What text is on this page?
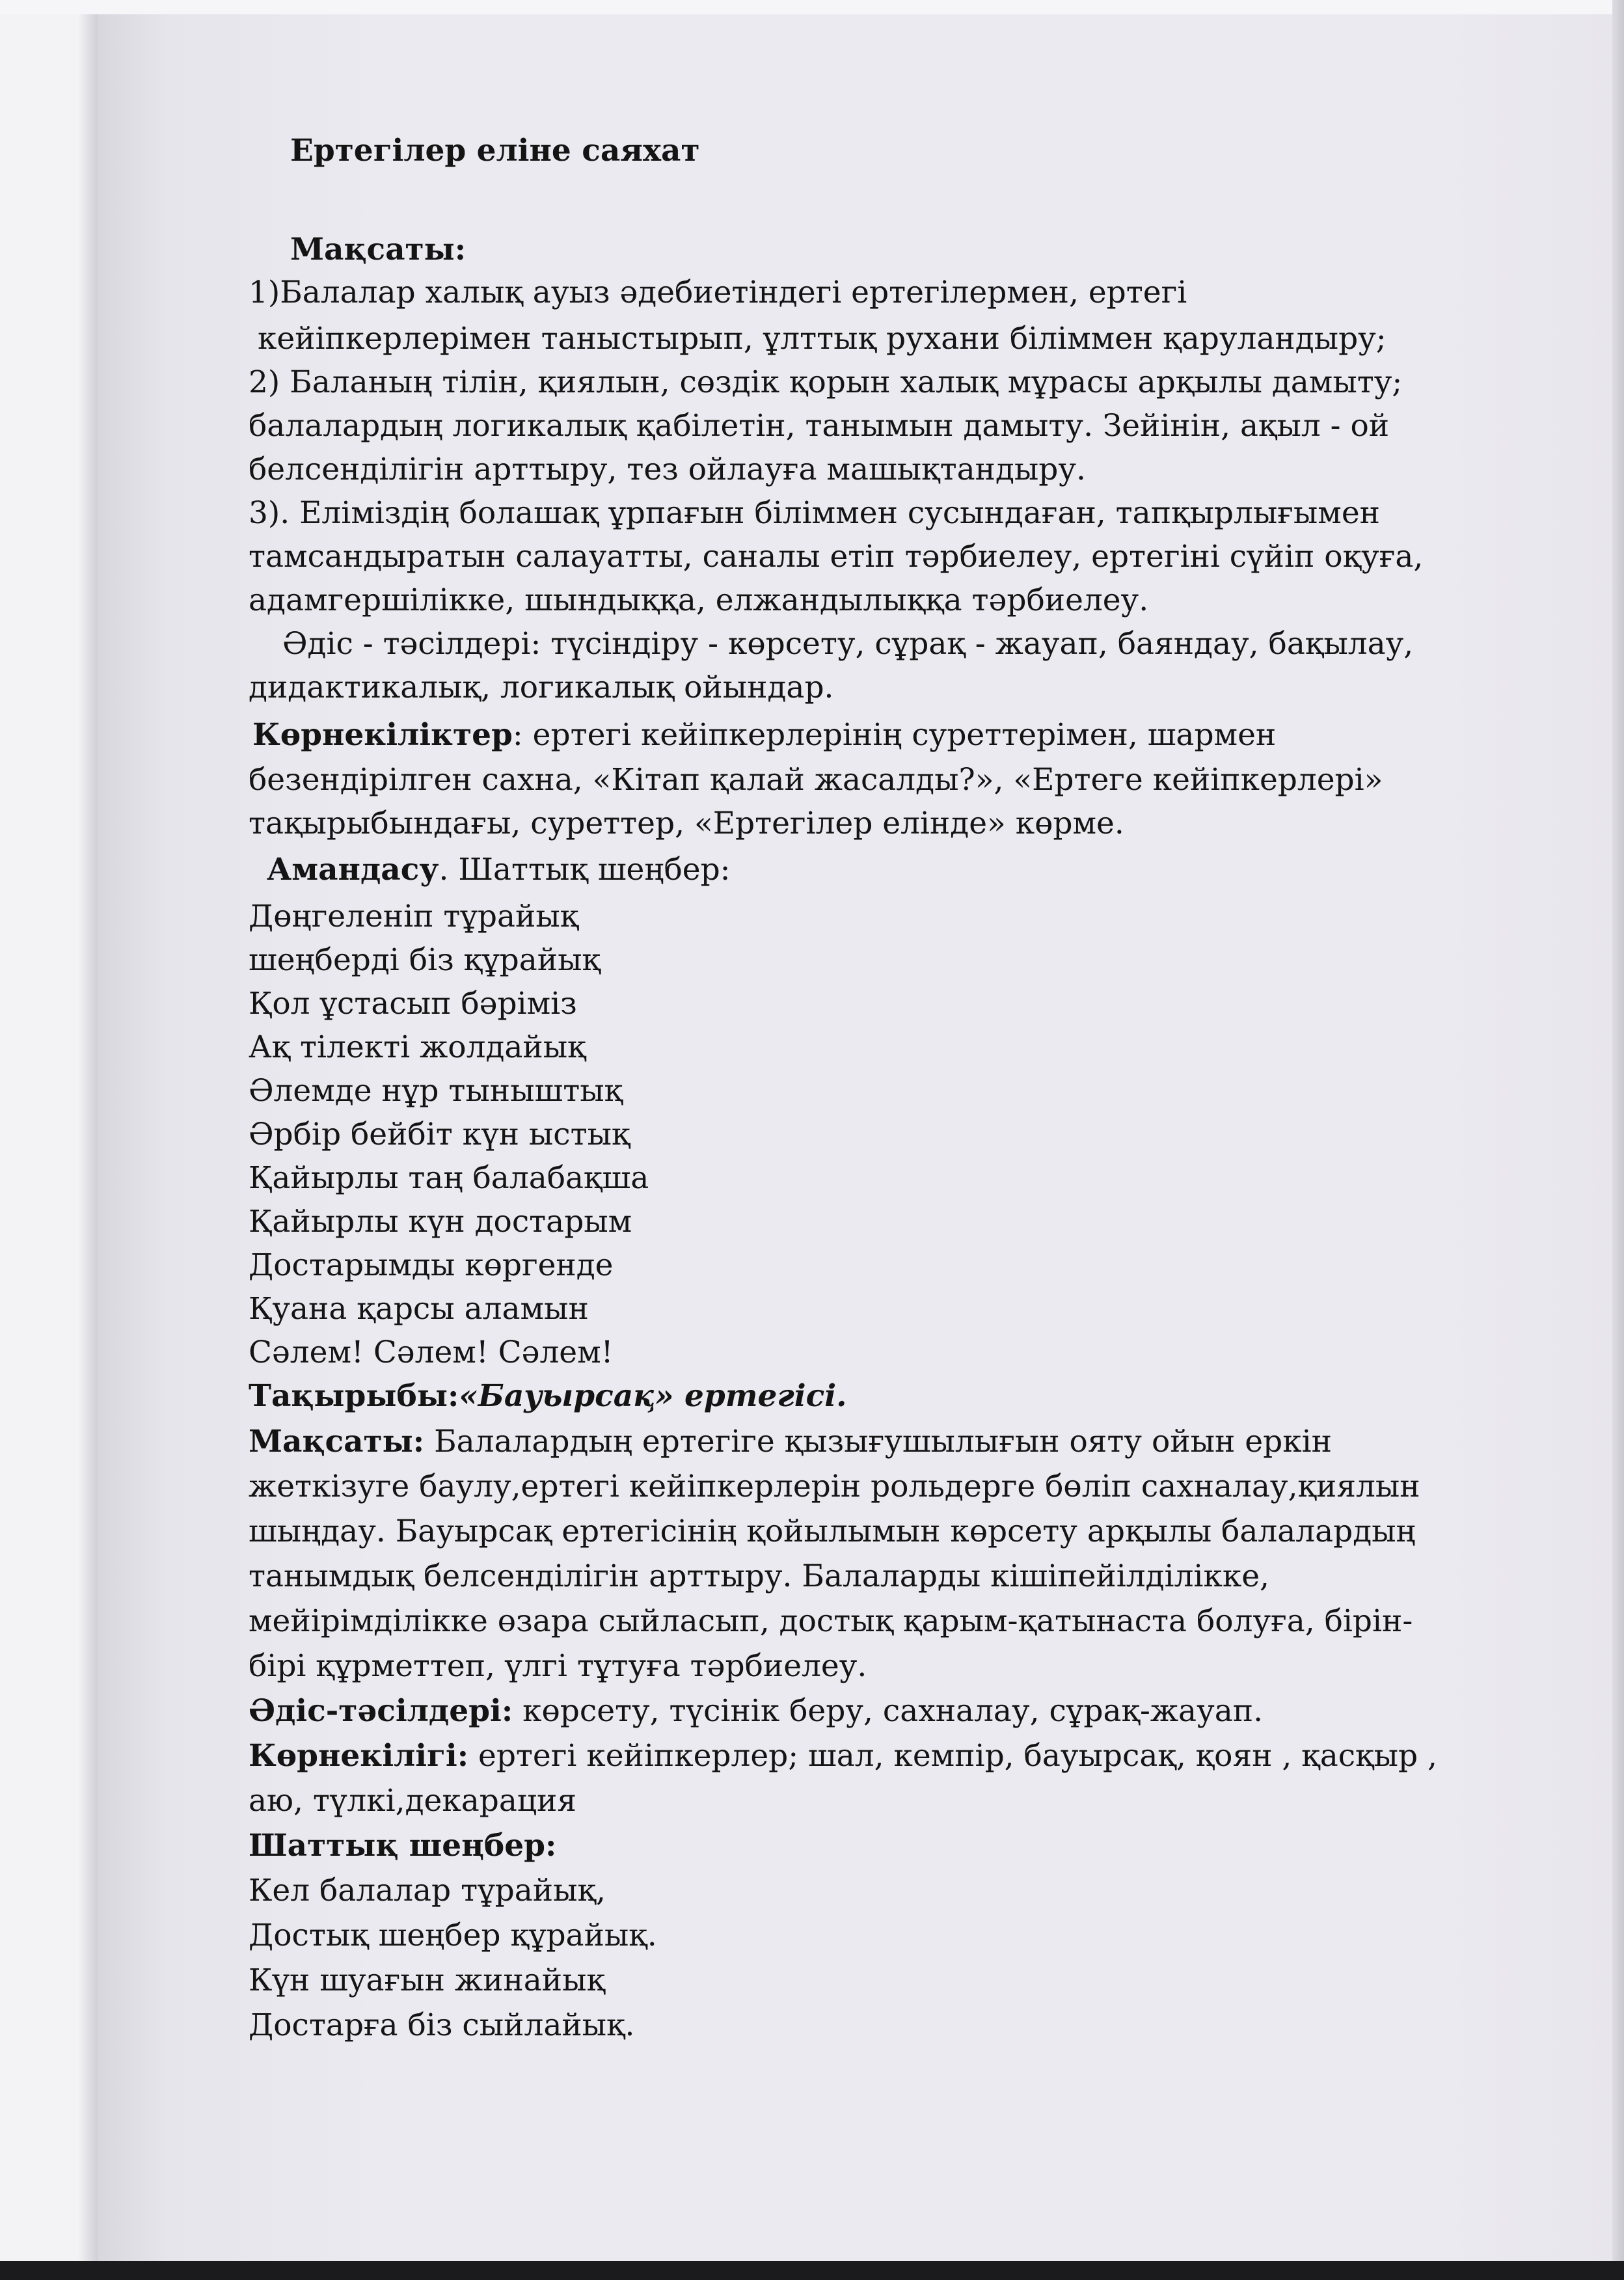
Ертегілер еліне саяхат
Мақсаты:
1)Балалар халық ауыз әдебиетіндегі ертегілермен, ертегі
кейіпкерлерімен таныстырып, ұлттық рухани біліммен қаруландыру;
2) Баланың тілін, қиялын, сөздік қорын халық мұрасы арқылы дамыту;
балалардың логикалық қабілетін, танымын дамыту. Зейінін, ақыл - ой
белсенділігін арттыру, тез ойлауға машықтандыру.
3). Еліміздің болашақ ұрпағын біліммен сусындаған, тапқырлығымен
тамсандыратын салауатты, саналы етіп тәрбиелеу, ертегіні сүйіп оқуға,
адамгершілікке, шындыққа, елжандылыққа тәрбиелеу.
Әдіс - тәсілдері: түсіндіру - көрсету, сұрақ - жауап, баяндау, бақылау,
дидактикалық, логикалық ойындар.
Көрнекіліктер: ертегі кейіпкерлерінің суреттерімен, шармен
безендірілген сахна, «Кітап қалай жасалды?», «Ертеге кейіпкерлері»
тақырыбындағы, суреттер, «Ертегілер елінде» көрме.
Амандасу. Шаттық шеңбер:
Дөңгеленіп тұрайық
шеңберді біз құрайық
Қол ұстасып бәріміз
Ақ тілекті жолдайық
Әлемде нұр тыныштық
Әрбір бейбіт күн ыстық
Қайырлы таң балабақша
Қайырлы күн достарым
Достарымды көргенде
Қуана қарсы аламын
Сәлем! Сәлем! Сәлем!
Тақырыбы:«Бауырсақ» ертегісі.
Мақсаты: Балалардың ертегіге қызығушылығын ояту ойын еркін
жеткізуге баулу,ертегі кейіпкерлерін рольдерге бөліп сахналау,қиялын
шыңдау. Бауырсақ ертегісінің қойылымын көрсету арқылы балалардың
танымдық белсенділігін арттыру. Балаларды кішіпейілділікке,
мейірімділікке өзара сыйласып, достық қарым-қатынаста болуға, бірін-
бірі құрметтеп, үлгі тұтуға тәрбиелеу.
Әдіс-тәсілдері: көрсету, түсінік беру, сахналау, сұрақ-жауап.
Көрнекілігі: ертегі кейіпкерлер; шал, кемпір, бауырсақ, қоян , қасқыр ,
аю, түлкі,декарация
Шаттық шеңбер:
Кел балалар тұрайық,
Достық шеңбер құрайық.
Күн шуағын жинайық
Достарға біз сыйлайық.
